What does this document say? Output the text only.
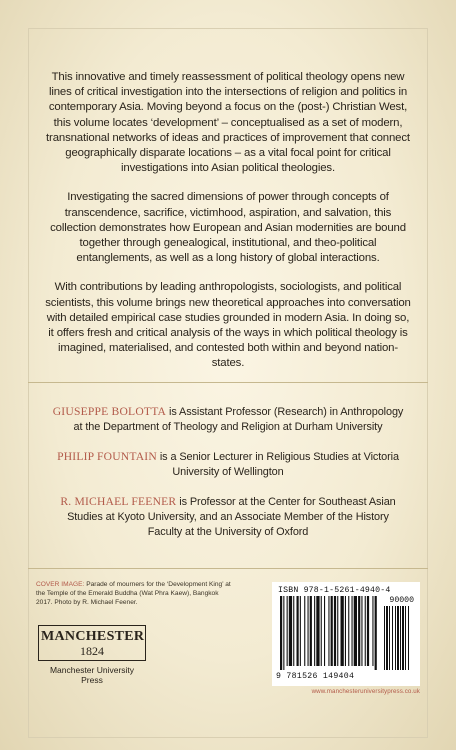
This innovative and timely reassessment of political theology opens new lines of critical investigation into the intersections of religion and politics in contemporary Asia. Moving beyond a focus on the (post-) Christian West, this volume locates ‘development’ – conceptualised as a set of modern, transnational networks of ideas and practices of improvement that connect geographically disparate locations – as a vital focal point for critical investigations into Asian political theologies.

Investigating the sacred dimensions of power through concepts of transcendence, sacrifice, victimhood, aspiration, and salvation, this collection demonstrates how European and Asian modernities are bound together through genealogical, institutional, and theo-political entanglements, as well as a long history of global interactions.

With contributions by leading anthropologists, sociologists, and political scientists, this volume brings new theoretical approaches into conversation with detailed empirical case studies grounded in modern Asia. In doing so, it offers fresh and critical analysis of the ways in which political theology is imagined, materialised, and contested both within and beyond nation-states.

GIUSEPPE BOLOTTA is Assistant Professor (Research) in Anthropology at the Department of Theology and Religion at Durham University

PHILIP FOUNTAIN is a Senior Lecturer in Religious Studies at Victoria University of Wellington

R. MICHAEL FEENER is Professor at the Center for Southeast Asian Studies at Kyoto University, and an Associate Member of the History Faculty at the University of Oxford

COVER IMAGE: Parade of mourners for the ‘Development King’ at the Temple of the Emerald Buddha (Wat Phra Kaew), Bangkok 2017. Photo by R. Michael Feener.
MANCHESTER
1824
Manchester University Press
ISBN 978-1-5261-4940-4
90000
9 781526 149404
www.manchesteruniversitypress.co.uk
